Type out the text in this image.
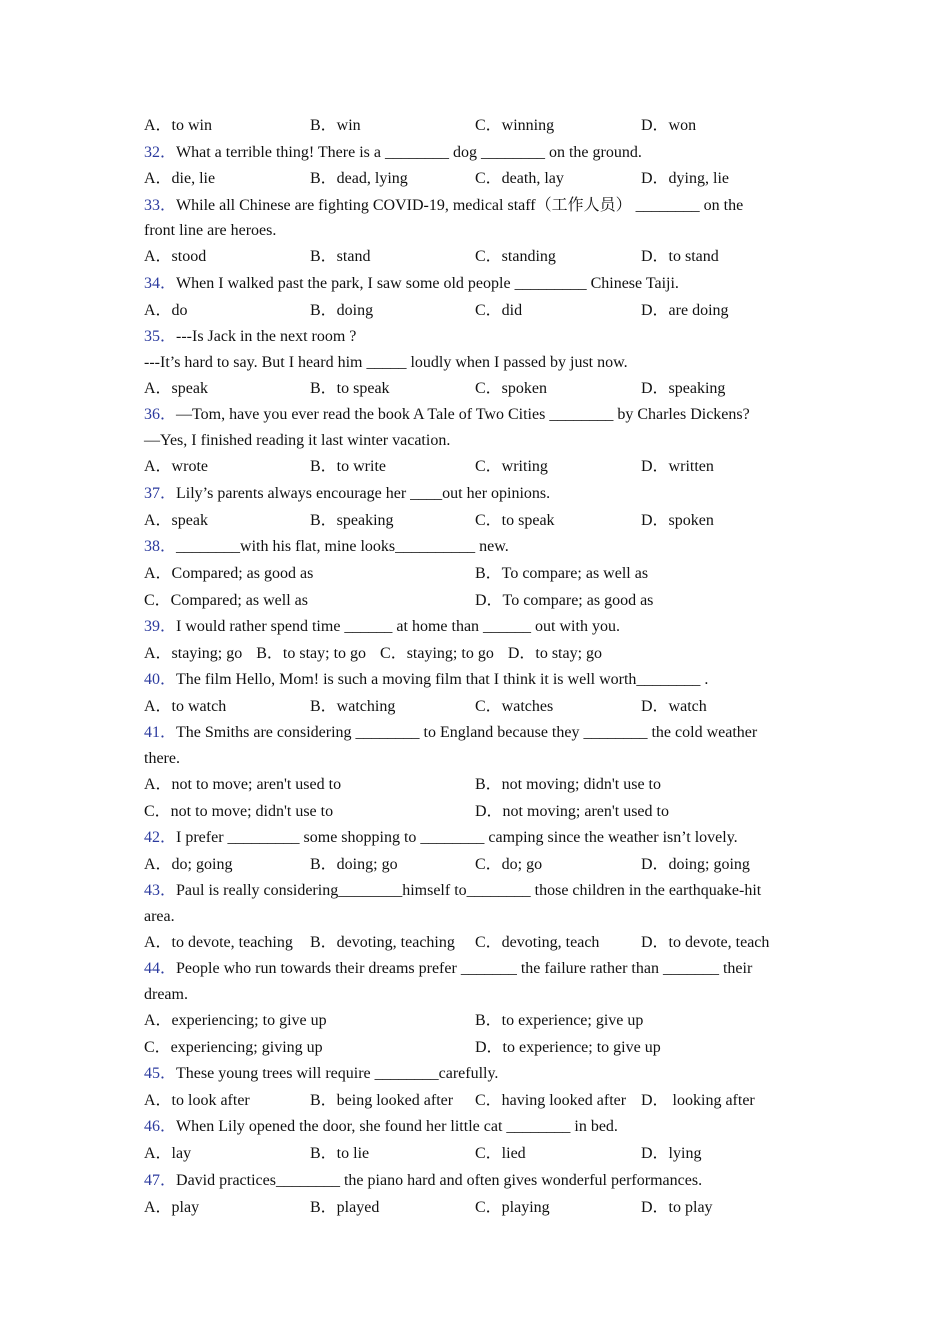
A．to win	B．win	C．winning	D．won
32．What a terrible thing! There is a ________ dog ________ on the ground.
A．die, lie	B．dead, lying	C．death, lay	D．dying, lie
33．While all Chinese are fighting COVID-19, medical staff（工作人员） ________ on the
front line are heroes.
A．stood	B．stand	C．standing	D．to stand
34．When I walked past the park, I saw some old people _________ Chinese Taiji.
A．do	B．doing	C．did	D．are doing
35．---Is Jack in the next room ?
---It’s hard to say. But I heard him _____ loudly when I passed by just now.
A．speak	B．to speak	C．spoken	D．speaking
36．—Tom, have you ever read the book A Tale of Two Cities ________ by Charles Dickens?
—Yes, I finished reading it last winter vacation.
A．wrote	B．to write	C．writing	D．written
37．Lily’s parents always encourage her ____out her opinions.
A．speak	B．speaking	C．to speak	D．spoken
38．________with his flat, mine looks__________ new.
A．Compared; as good as	B．To compare; as well as
C．Compared; as well as	D．To compare; as good as
39．I would rather spend time ______ at home than ______ out with you.
A．staying; go B．to stay; to go C．staying; to go D．to stay; go
40．The film Hello, Mom! is such a moving film that I think it is well worth________ .
A．to watch	B．watching	C．watches	D．watch
41．The Smiths are considering ________ to England because they ________ the cold weather
there.
A．not to move; aren't used to	B．not moving; didn't use to
C．not to move; didn't use to	D．not moving; aren't used to
42．I prefer _________ some shopping to ________ camping since the weather isn’t lovely.
A．do; going	B．doing; go	C．do; go	D．doing; going
43．Paul is really considering________himself to________ those children in the earthquake-hit
area.
A．to devote, teaching B．devoting, teaching C．devoting, teach	D．to devote, teach
44．People who run towards their dreams prefer _______ the failure rather than _______ their
dream.
A．experiencing; to give up	B．to experience; give up
C．experiencing; giving up	D．to experience; to give up
45．These young trees will require ________carefully.
A．to look after	B．being looked after C．having looked after D． looking after
46．When Lily opened the door, she found her little cat ________ in bed.
A．lay	B．to lie	C．lied	D．lying
47．David practices________ the piano hard and often gives wonderful performances.
A．play	B．played	C．playing	D．to play
